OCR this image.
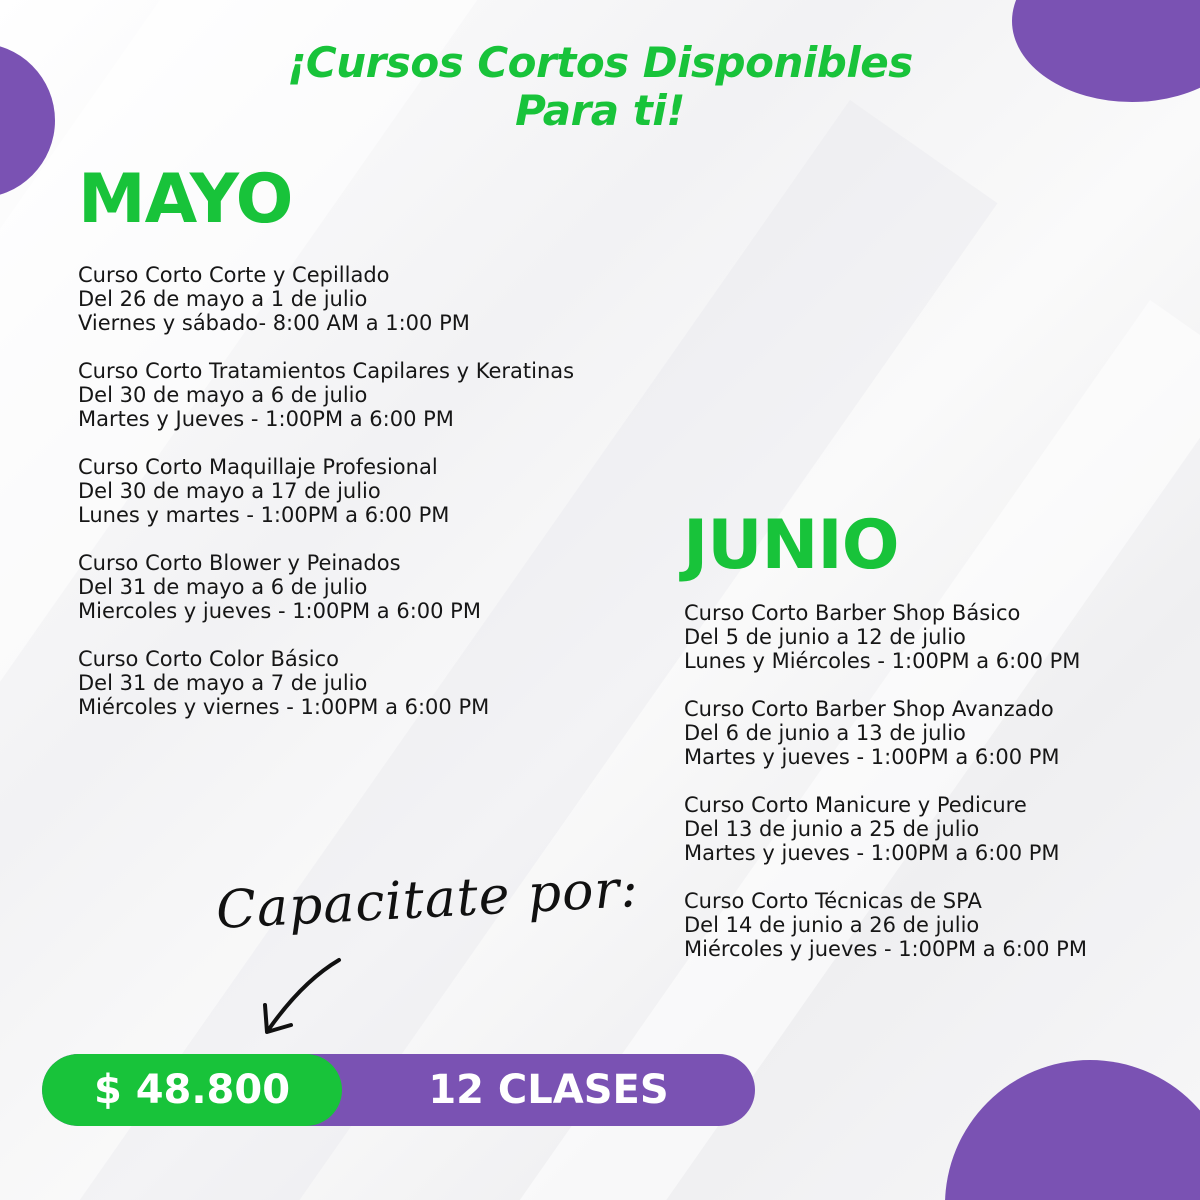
¡Cursos Cortos Disponibles
Para ti!
MAYO
Curso Corto Corte y Cepillado
Del 26 de mayo a 1 de julio
Viernes y sábado- 8:00 AM a 1:00 PM
Curso Corto Tratamientos Capilares y Keratinas
Del 30 de mayo a 6 de julio
Martes y Jueves - 1:00PM a 6:00 PM
Curso Corto Maquillaje Profesional
Del 30 de mayo a 17 de julio
Lunes y martes - 1:00PM a 6:00 PM
Curso Corto Blower y Peinados
Del 31 de mayo a 6 de julio
Miercoles y jueves - 1:00PM a 6:00 PM
Curso Corto Color Básico
Del 31 de mayo a 7 de julio
Miércoles y viernes - 1:00PM a 6:00 PM
JUNIO
Curso Corto Barber Shop Básico
Del 5 de junio a 12 de julio
Lunes y Miércoles - 1:00PM a 6:00 PM
Curso Corto Barber Shop Avanzado
Del 6 de junio a 13 de julio
Martes y jueves - 1:00PM a 6:00 PM
Curso Corto Manicure y Pedicure
Del 13 de junio a 25 de julio
Martes y jueves - 1:00PM a 6:00 PM
Curso Corto Técnicas de SPA
Del 14 de junio a 26 de julio
Miércoles y jueves - 1:00PM a 6:00 PM
Capacitate por:
$ 48.800	12 CLASES
